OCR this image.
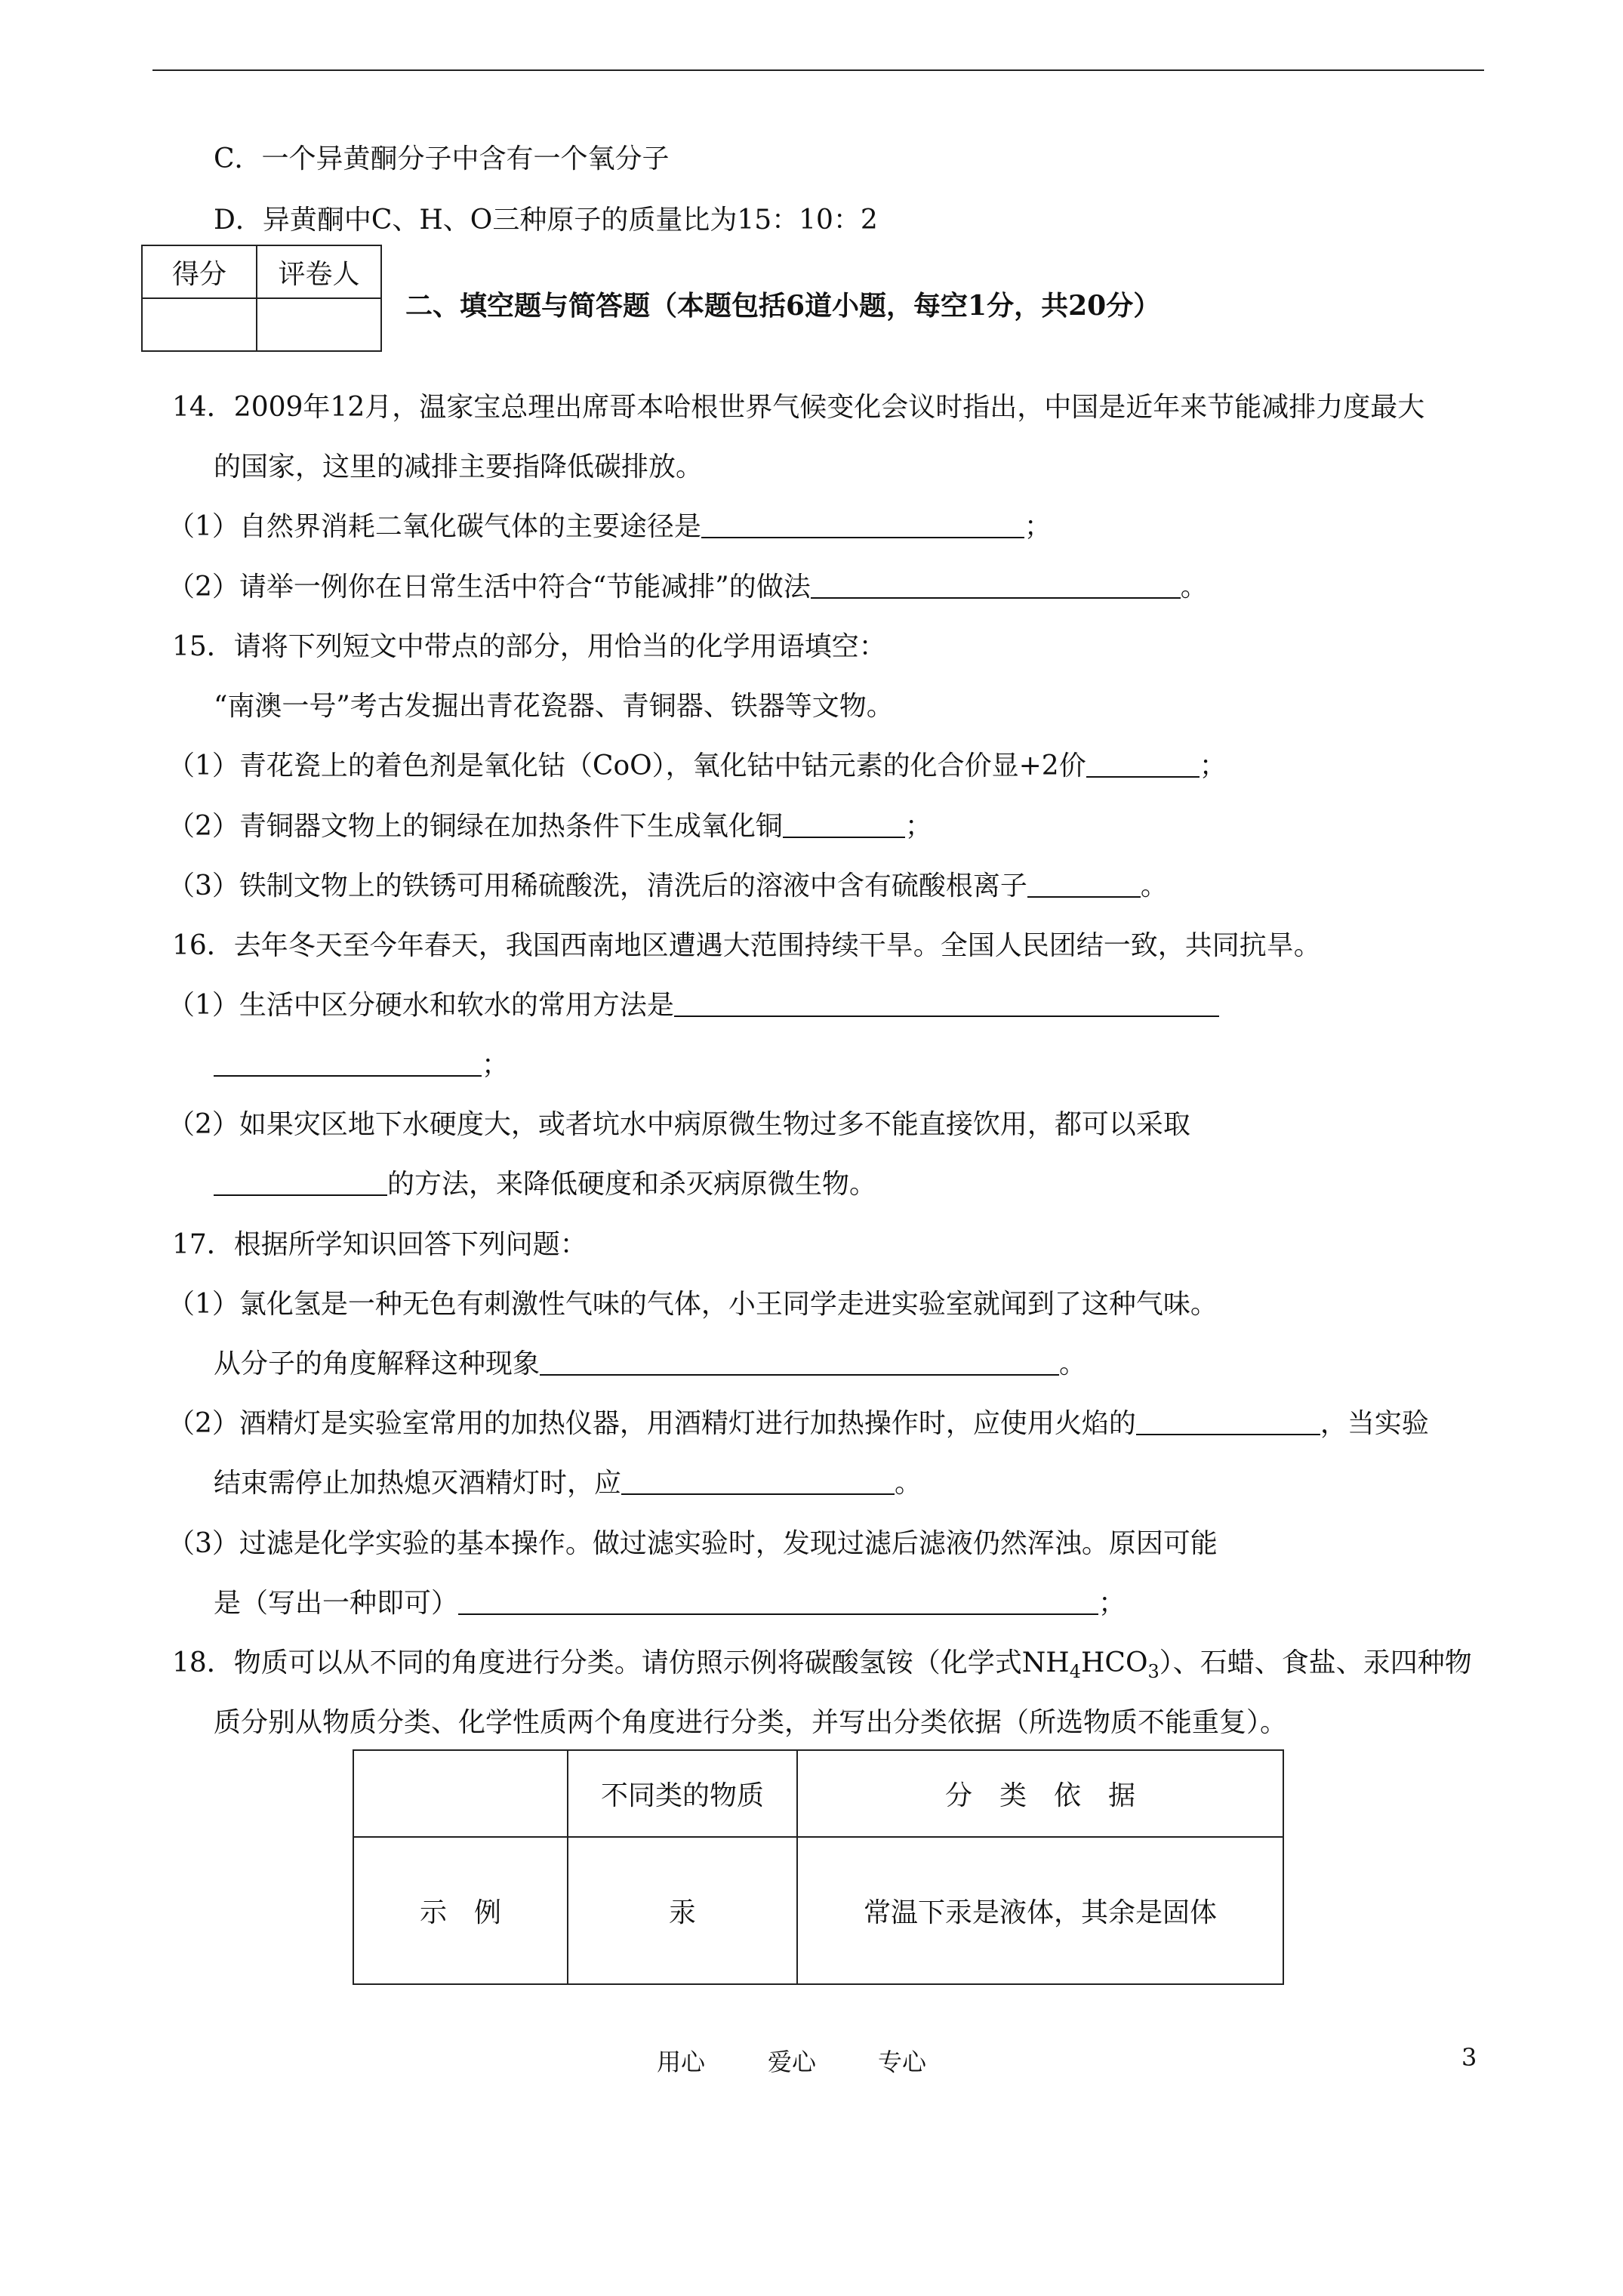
C．一个异黄酮分子中含有一个氧分子
D．异黄酮中C、H、O三种原子的质量比为15：10：2
得分	评卷人

二、填空题与简答题（本题包括6道小题，每空1分，共20分）
14．2009年12月，温家宝总理出席哥本哈根世界气候变化会议时指出，中国是近年来节能减排力度最大
的国家，这里的减排主要指降低碳排放。
（1）自然界消耗二氧化碳气体的主要途径是	；
（2）请举一例你在日常生活中符合“节能减排”的做法	。
15．请将下列短文中带点的部分，用恰当的化学用语填空：
“南澳一号”考古发掘出青花瓷器、青铜器、铁器等文物。
（1）青花瓷上的着色剂是氧化钴（CoO），氧化钴中钴元素的化合价显+2价	；
（2）青铜器文物上的铜绿在加热条件下生成氧化铜	；
（3）铁制文物上的铁锈可用稀硫酸洗，清洗后的溶液中含有硫酸根离子	。
16．去年冬天至今年春天，我国西南地区遭遇大范围持续干旱。全国人民团结一致，共同抗旱。
（1）生活中区分硬水和软水的常用方法是
；
（2）如果灾区地下水硬度大，或者坑水中病原微生物过多不能直接饮用，都可以采取
的方法，来降低硬度和杀灭病原微生物。
17．根据所学知识回答下列问题：
（1）氯化氢是一种无色有刺激性气味的气体，小王同学走进实验室就闻到了这种气味。
从分子的角度解释这种现象	。
（2）酒精灯是实验室常用的加热仪器，用酒精灯进行加热操作时，应使用火焰的	，当实验
结束需停止加热熄灭酒精灯时，应	。
（3）过滤是化学实验的基本操作。做过滤实验时，发现过滤后滤液仍然浑浊。原因可能
是（写出一种即可）	；
18．物质可以从不同的角度进行分类。请仿照示例将碳酸氢铵（化学式$NH_4HCO_3$）、石蜡、食盐、汞四种物
质分别从物质分类、化学性质两个角度进行分类，并写出分类依据（所选物质不能重复）。
	不同类的物质	分　类　依　据
示　例	汞	常温下汞是液体，其余是固体
用心	爱心	专心	3
